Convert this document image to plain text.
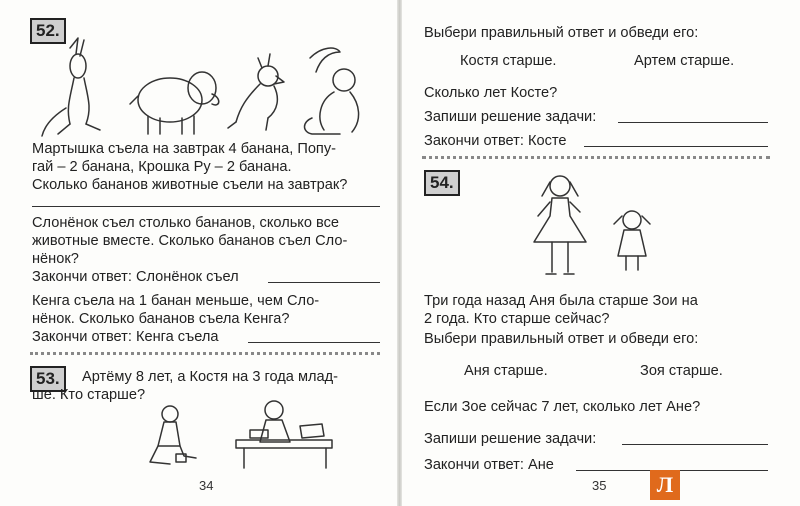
52.
Мартышка съела на завтрак 4 банана, Попу-
гай – 2 банана, Крошка Ру – 2 банана.
Сколько бананов животные съели на завтрак?
Слонёнок съел столько бананов, сколько все
животные вместе. Сколько бананов съел Сло-
нёнок?
Закончи ответ: Слонёнок съел
Кенга съела на 1 банан меньше, чем Сло-
нёнок. Сколько бананов съела Кенга?
Закончи ответ: Кенга съела
53.	Артёму 8 лет, а Костя на 3 года млад-
ше. Кто старше?
34
Выбери правильный ответ и обведи его:
Костя старше.	Артем старше.
Сколько лет Косте?
Запиши решение задачи:
Закончи ответ: Косте
54.
Три года назад Аня была старше Зои на
2 года. Кто старше сейчас?
Выбери правильный ответ и обведи его:
Аня старше.	Зоя старше.
Если Зое сейчас 7 лет, сколько лет Ане?
Запиши решение задачи:
Закончи ответ: Ане
35	Л
